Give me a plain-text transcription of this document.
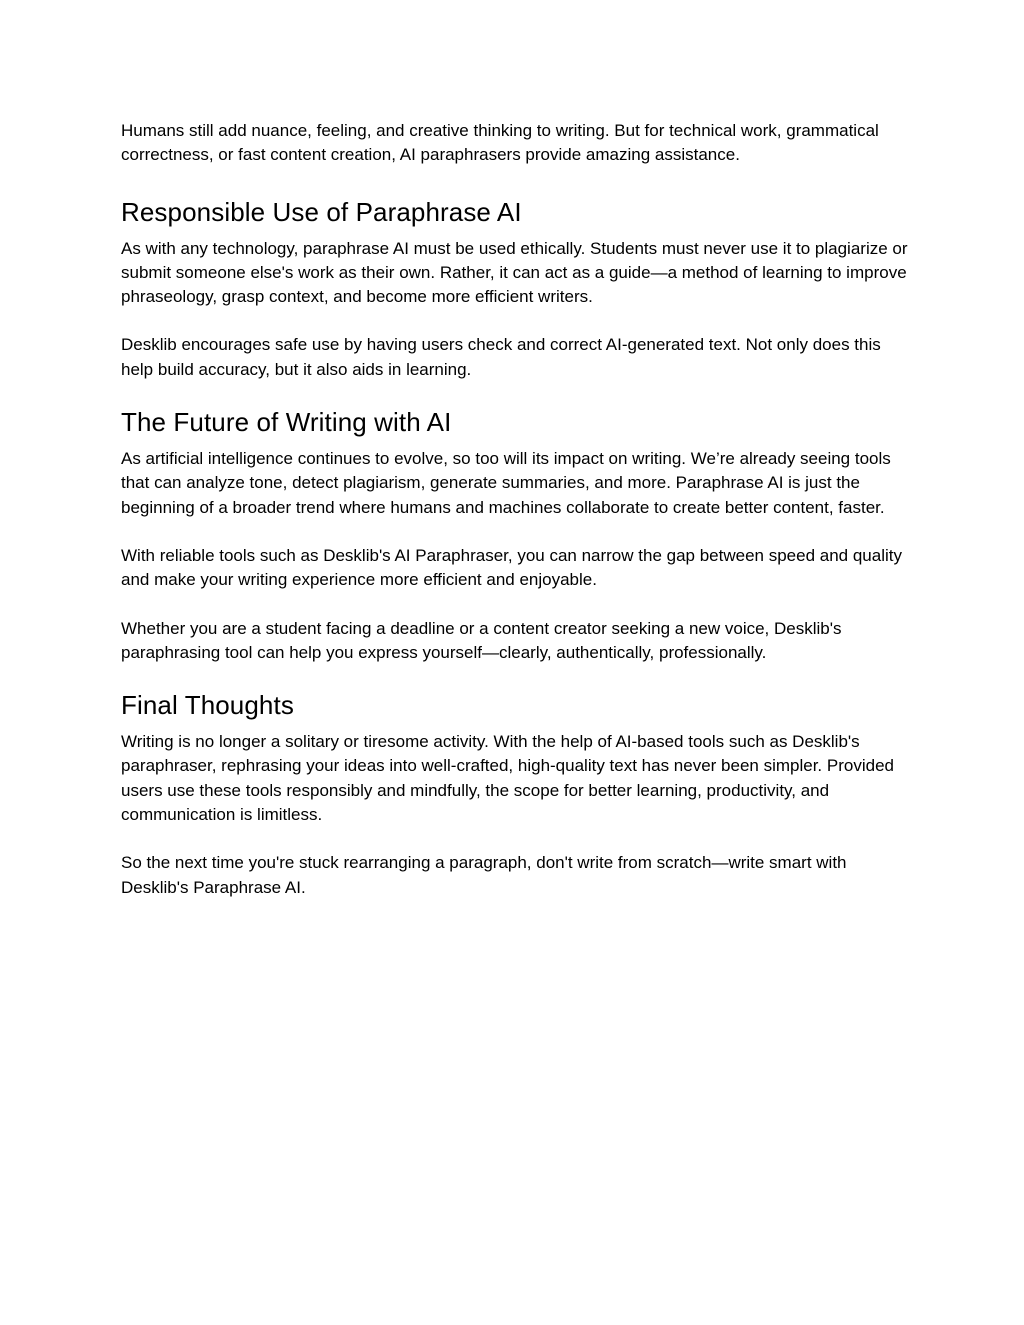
Humans still add nuance, feeling, and creative thinking to writing. But for technical work, grammatical correctness, or fast content creation, AI paraphrasers provide amazing assistance.

Responsible Use of Paraphrase AI

As with any technology, paraphrase AI must be used ethically. Students must never use it to plagiarize or submit someone else's work as their own. Rather, it can act as a guide—a method of learning to improve phraseology, grasp context, and become more efficient writers.

Desklib encourages safe use by having users check and correct AI-generated text. Not only does this help build accuracy, but it also aids in learning.

The Future of Writing with AI

As artificial intelligence continues to evolve, so too will its impact on writing. We’re already seeing tools that can analyze tone, detect plagiarism, generate summaries, and more. Paraphrase AI is just the beginning of a broader trend where humans and machines collaborate to create better content, faster.

With reliable tools such as Desklib's AI Paraphraser, you can narrow the gap between speed and quality and make your writing experience more efficient and enjoyable.

Whether you are a student facing a deadline or a content creator seeking a new voice, Desklib's paraphrasing tool can help you express yourself—clearly, authentically, professionally.

Final Thoughts

Writing is no longer a solitary or tiresome activity. With the help of AI-based tools such as Desklib's paraphraser, rephrasing your ideas into well-crafted, high-quality text has never been simpler. Provided users use these tools responsibly and mindfully, the scope for better learning, productivity, and communication is limitless.

So the next time you're stuck rearranging a paragraph, don't write from scratch—write smart with Desklib's Paraphrase AI.
